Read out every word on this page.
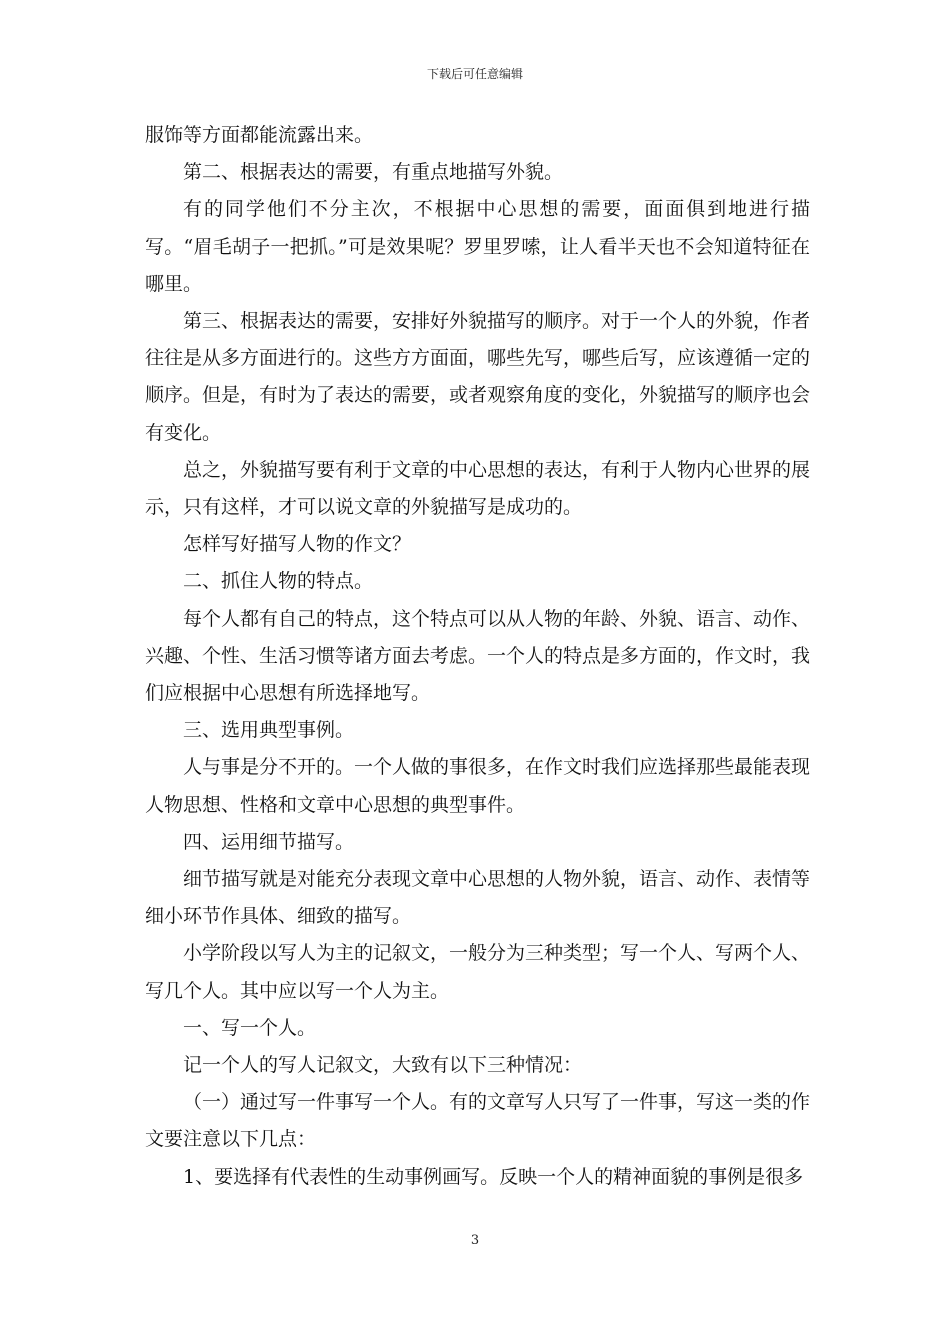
下载后可任意编辑

服饰等方面都能流露出来。

第二、根据表达的需要，有重点地描写外貌。

有的同学他们不分主次，不根据中心思想的需要，面面俱到地进行描写。“眉毛胡子一把抓。”可是效果呢？罗里罗嗦，让人看半天也不会知道特征在哪里。

第三、根据表达的需要，安排好外貌描写的顺序。对于一个人的外貌，作者往往是从多方面进行的。这些方方面面，哪些先写，哪些后写，应该遵循一定的顺序。但是，有时为了表达的需要，或者观察角度的变化，外貌描写的顺序也会有变化。

总之，外貌描写要有利于文章的中心思想的表达，有利于人物内心世界的展示，只有这样，才可以说文章的外貌描写是成功的。

怎样写好描写人物的作文？

二、抓住人物的特点。

每个人都有自己的特点，这个特点可以从人物的年龄、外貌、语言、动作、兴趣、个性、生活习惯等诸方面去考虑。一个人的特点是多方面的，作文时，我们应根据中心思想有所选择地写。

三、选用典型事例。

人与事是分不开的。一个人做的事很多，在作文时我们应选择那些最能表现人物思想、性格和文章中心思想的典型事件。

四、运用细节描写。

细节描写就是对能充分表现文章中心思想的人物外貌，语言、动作、表情等细小环节作具体、细致的描写。

小学阶段以写人为主的记叙文，一般分为三种类型；写一个人、写两个人、写几个人。其中应以写一个人为主。

一、写一个人。

记一个人的写人记叙文，大致有以下三种情况：

（一）通过写一件事写一个人。有的文章写人只写了一件事，写这一类的作文要注意以下几点：

1、要选择有代表性的生动事例画写。反映一个人的精神面貌的事例是很多

3
